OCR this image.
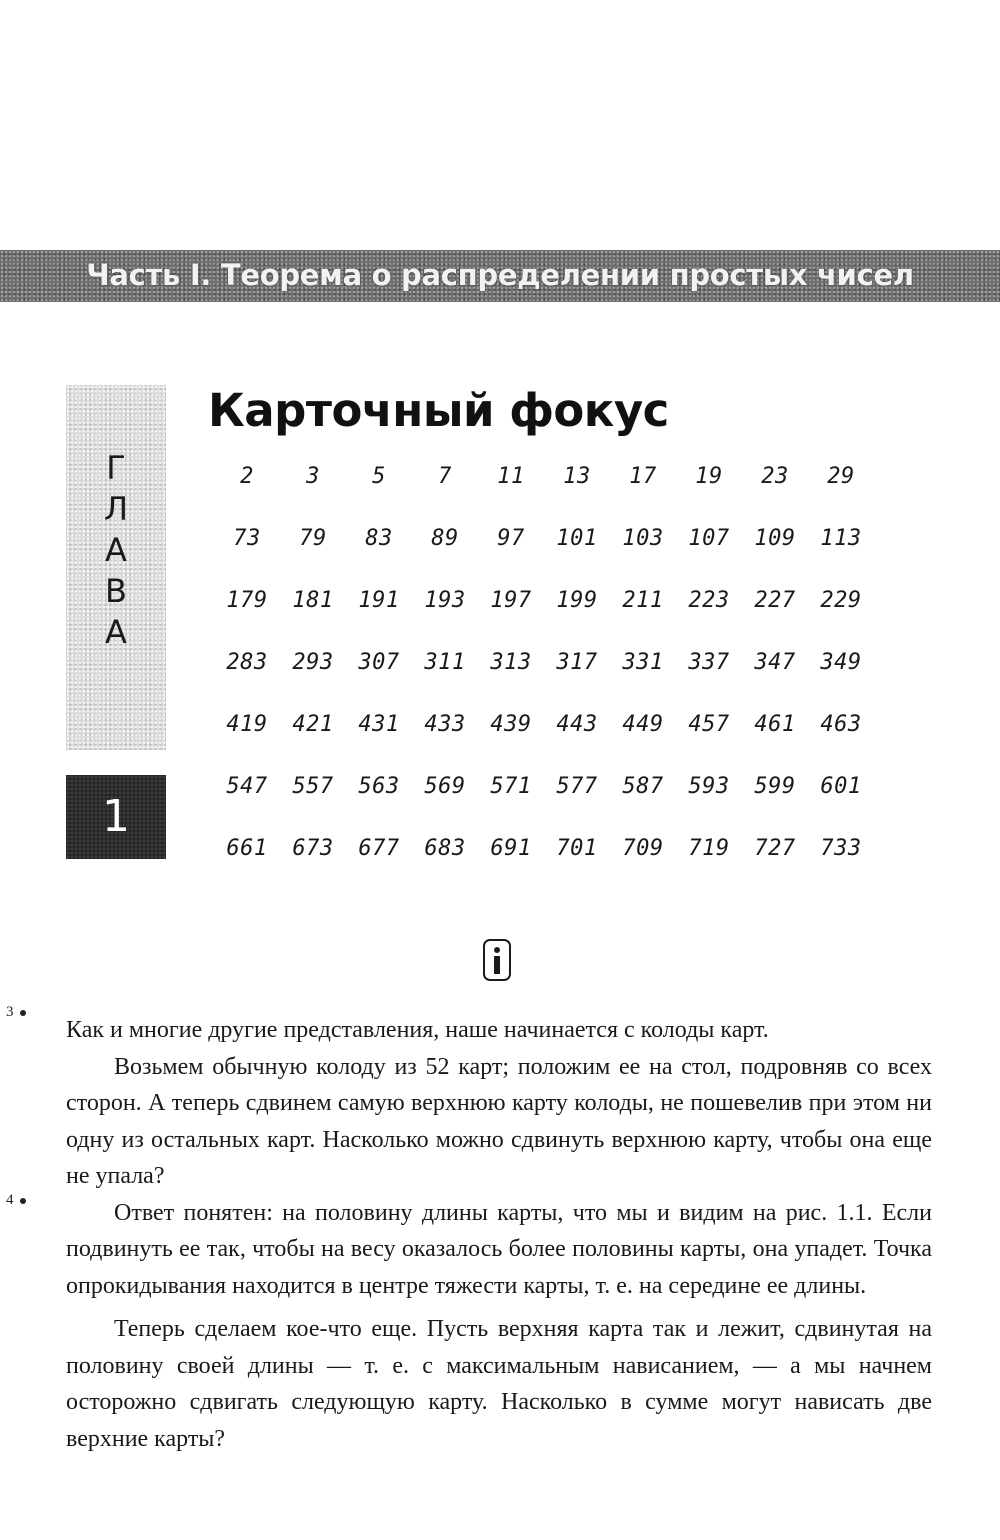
Часть I. Теорема о распределении простых чисел
Г
Л
А
В
А
1
Карточный фокус
2	3	5	7	11	13	17	19	23	29
73	79	83	89	97	101	103	107	109	113
179	181	191	193	197	199	211	223	227	229
283	293	307	311	313	317	331	337	347	349
419	421	431	433	439	443	449	457	461	463
547	557	563	569	571	577	587	593	599	601
661	673	677	683	691	701	709	719	727	733
3
4

Как и многие другие представления, наше начинается с колоды карт.

Возьмем обычную колоду из 52 карт; положим ее на стол, подровняв со всех сторон. А теперь сдвинем самую верхнюю карту колоды, не пошевелив при этом ни одну из остальных карт. Насколько можно сдвинуть верхнюю карту, чтобы она еще не упала?

Ответ понятен: на половину длины карты, что мы и видим на рис. 1.1. Если подвинуть ее так, чтобы на весу оказалось более половины карты, она упадет. Точка опрокидывания находится в центре тяжести карты, т. е. на середине ее длины.

Теперь сделаем кое-что еще. Пусть верхняя карта так и лежит, сдвинутая на половину своей длины — т. е. с максимальным нависанием, — а мы начнем осторожно сдвигать следующую карту. Насколько в сумме могут нависать две верхние карты?
